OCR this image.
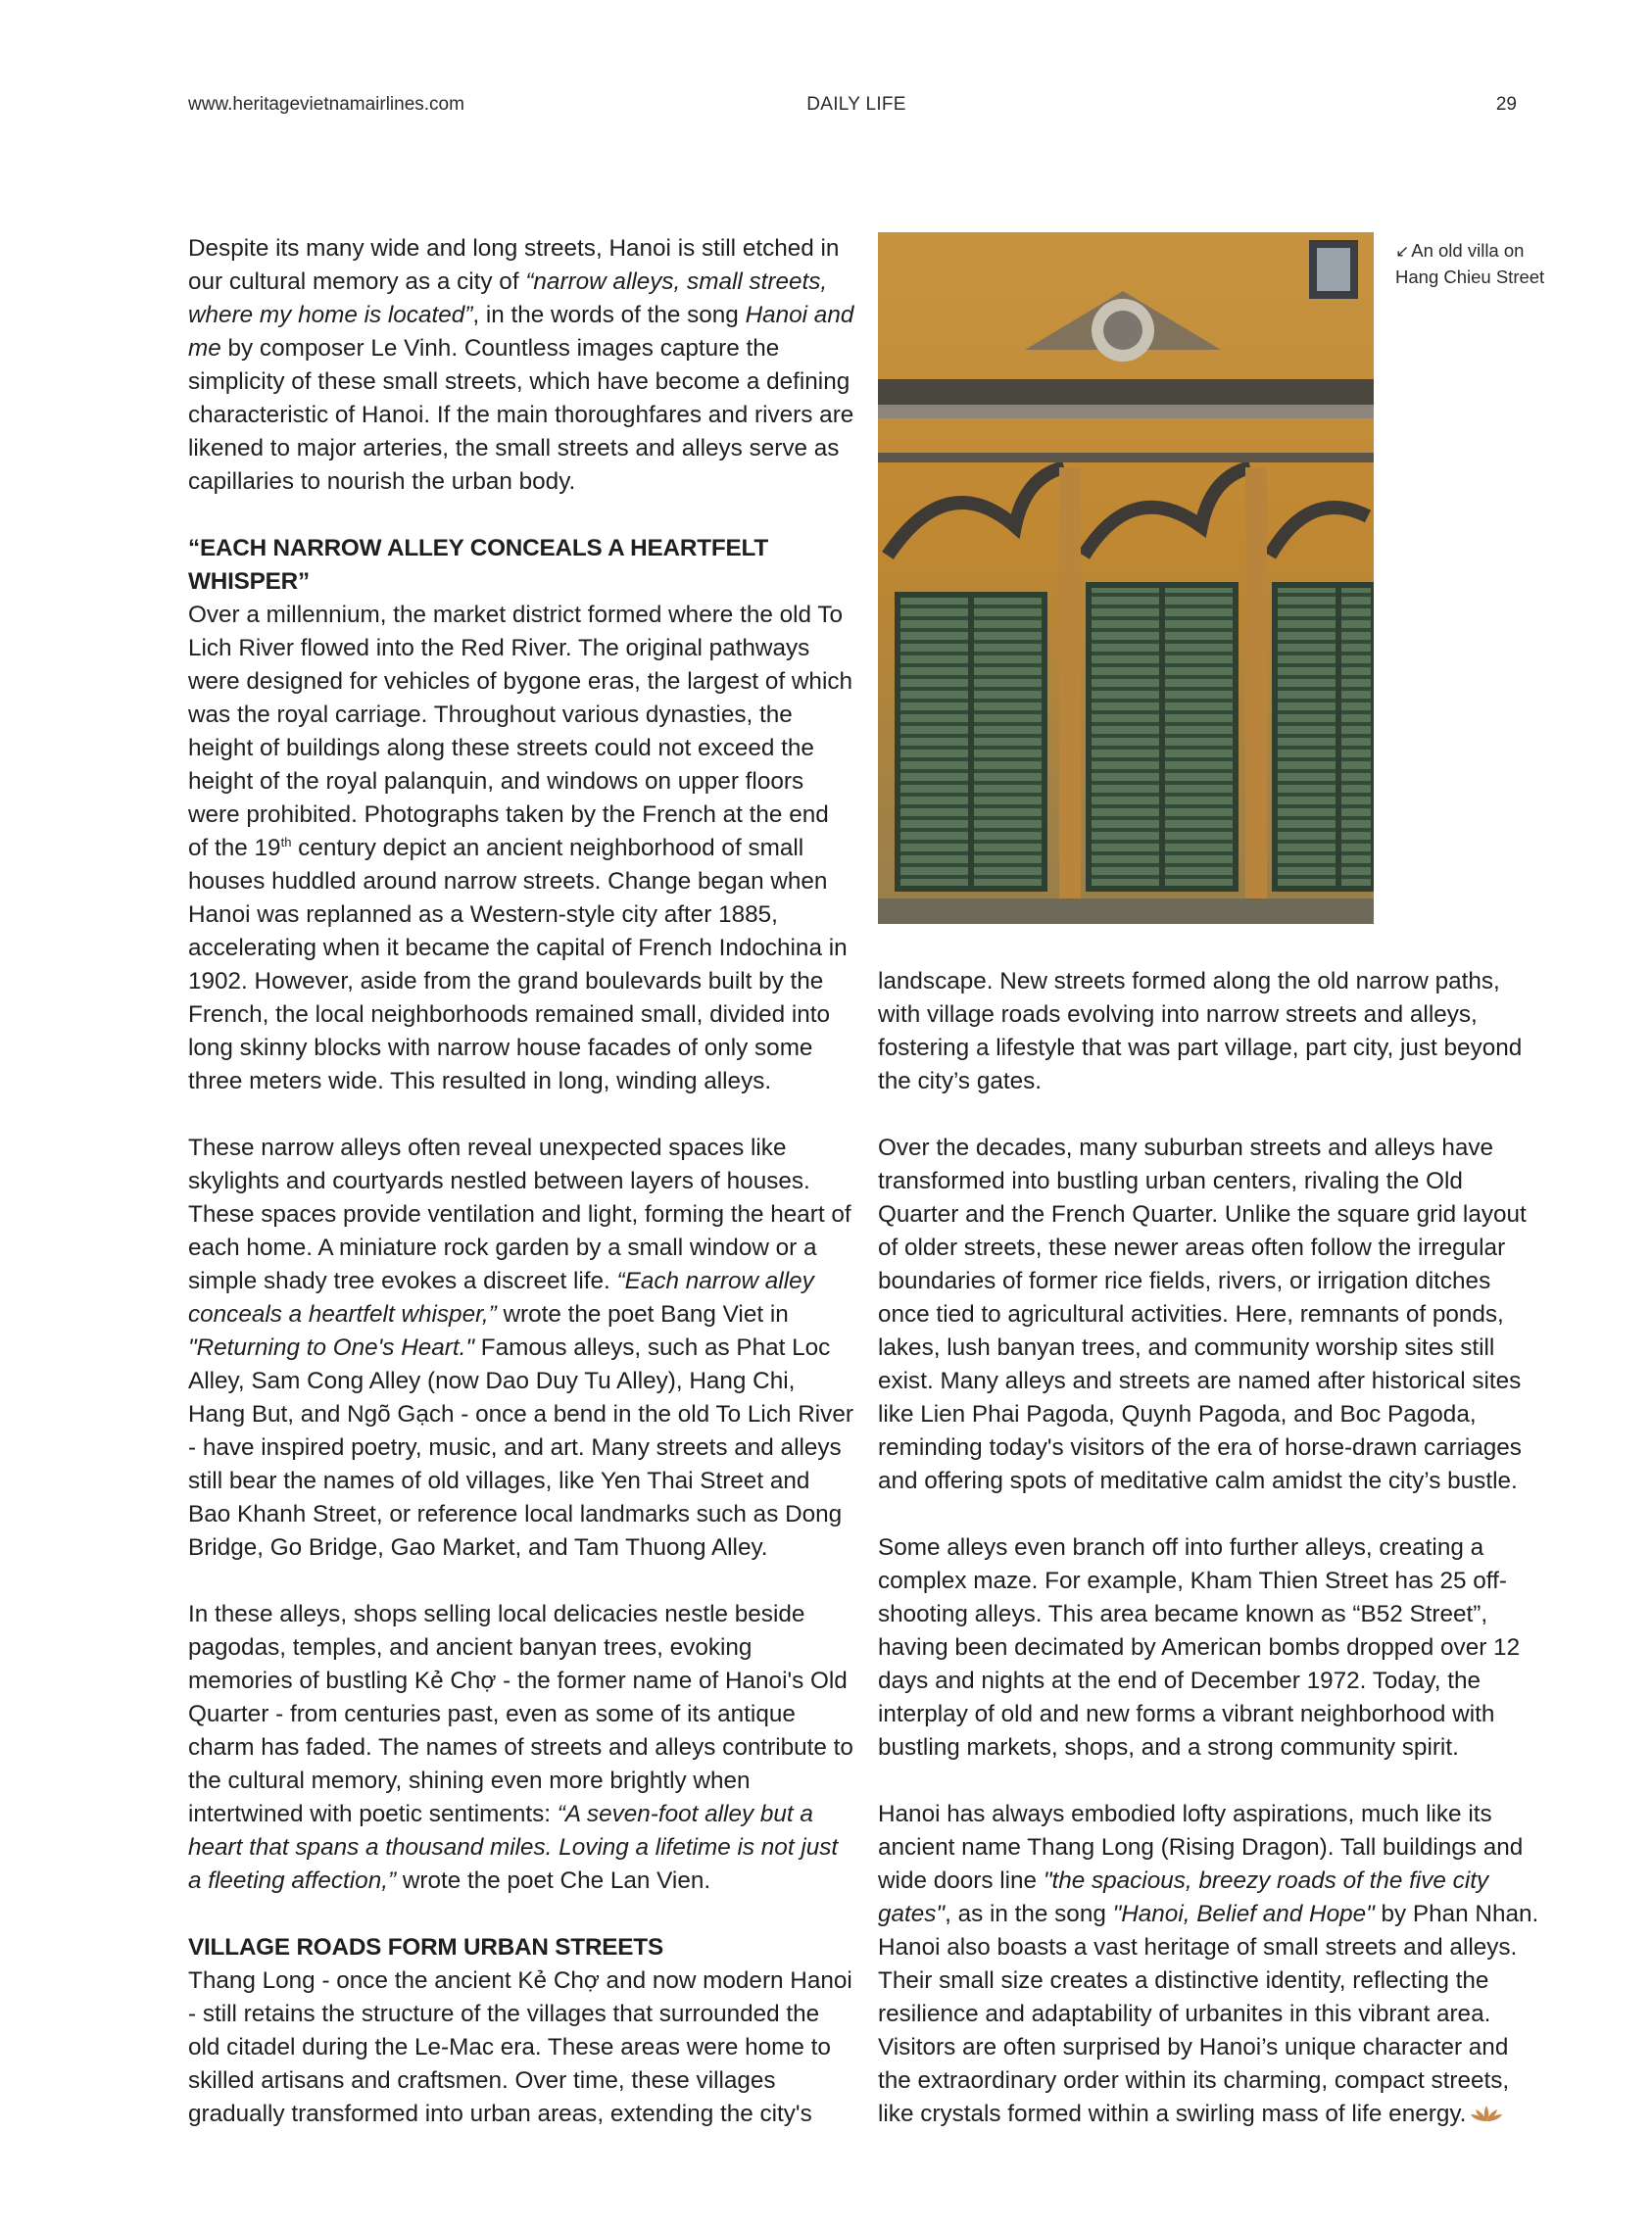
www.heritagevietnamairlines.com	DAILY LIFE	29

Despite its many wide and long streets, Hanoi is still etched in our cultural memory as a city of “narrow alleys, small streets, where my home is located”, in the words of the song Hanoi and me by composer Le Vinh. Countless images capture the simplicity of these small streets, which have become a defining characteristic of Hanoi. If the main thoroughfares and rivers are likened to major arteries, the small streets and alleys serve as capillaries to nourish the urban body.

“EACH NARROW ALLEY CONCEALS A HEARTFELT WHISPER”

Over a millennium, the market district formed where the old To Lich River flowed into the Red River. The original pathways were designed for vehicles of bygone eras, the largest of which was the royal carriage. Throughout various dynasties, the height of buildings along these streets could not exceed the height of the royal palanquin, and windows on upper floors were prohibited. Photographs taken by the French at the end of the 19th century depict an ancient neighborhood of small houses huddled around narrow streets. Change began when Hanoi was replanned as a Western-style city after 1885, accelerating when it became the capital of French Indochina in 1902. However, aside from the grand boulevards built by the French, the local neighborhoods remained small, divided into long skinny blocks with narrow house facades of only some three meters wide. This resulted in long, winding alleys.

These narrow alleys often reveal unexpected spaces like skylights and courtyards nestled between layers of houses. These spaces provide ventilation and light, forming the heart of each home. A miniature rock garden by a small window or a simple shady tree evokes a discreet life. “Each narrow alley conceals a heartfelt whisper,” wrote the poet Bang Viet in "Returning to One's Heart." Famous alleys, such as Phat Loc Alley, Sam Cong Alley (now Dao Duy Tu Alley), Hang Chi, Hang But, and Ngõ Gạch - once a bend in the old To Lich River - have inspired poetry, music, and art. Many streets and alleys still bear the names of old villages, like Yen Thai Street and Bao Khanh Street, or reference local landmarks such as Dong Bridge, Go Bridge, Gao Market, and Tam Thuong Alley.

In these alleys, shops selling local delicacies nestle beside pagodas, temples, and ancient banyan trees, evoking memories of bustling Kẻ Chợ - the former name of Hanoi's Old Quarter - from centuries past, even as some of its antique charm has faded. The names of streets and alleys contribute to the cultural memory, shining even more brightly when intertwined with poetic sentiments: “A seven-foot alley but a heart that spans a thousand miles. Loving a lifetime is not just a fleeting affection,” wrote the poet Che Lan Vien.

VILLAGE ROADS FORM URBAN STREETS

Thang Long - once the ancient Kẻ Chợ and now modern Hanoi - still retains the structure of the villages that surrounded the old citadel during the Le-Mac era. These areas were home to skilled artisans and craftsmen. Over time, these villages gradually transformed into urban areas, extending the city's

↙ An old villa on Hang Chieu Street

landscape. New streets formed along the old narrow paths, with village roads evolving into narrow streets and alleys, fostering a lifestyle that was part village, part city, just beyond the city’s gates.

Over the decades, many suburban streets and alleys have transformed into bustling urban centers, rivaling the Old Quarter and the French Quarter. Unlike the square grid layout of older streets, these newer areas often follow the irregular boundaries of former rice fields, rivers, or irrigation ditches once tied to agricultural activities. Here, remnants of ponds, lakes, lush banyan trees, and community worship sites still exist. Many alleys and streets are named after historical sites like Lien Phai Pagoda, Quynh Pagoda, and Boc Pagoda, reminding today's visitors of the era of horse-drawn carriages and offering spots of meditative calm amidst the city’s bustle.

Some alleys even branch off into further alleys, creating a complex maze. For example, Kham Thien Street has 25 off-shooting alleys. This area became known as “B52 Street”, having been decimated by American bombs dropped over 12 days and nights at the end of December 1972. Today, the interplay of old and new forms a vibrant neighborhood with bustling markets, shops, and a strong community spirit.

Hanoi has always embodied lofty aspirations, much like its ancient name Thang Long (Rising Dragon). Tall buildings and wide doors line "the spacious, breezy roads of the five city gates", as in the song "Hanoi, Belief and Hope" by Phan Nhan. Hanoi also boasts a vast heritage of small streets and alleys. Their small size creates a distinctive identity, reflecting the resilience and adaptability of urbanites in this vibrant area. Visitors are often surprised by Hanoi’s unique character and the extraordinary order within its charming, compact streets, like crystals formed within a swirling mass of life energy.
